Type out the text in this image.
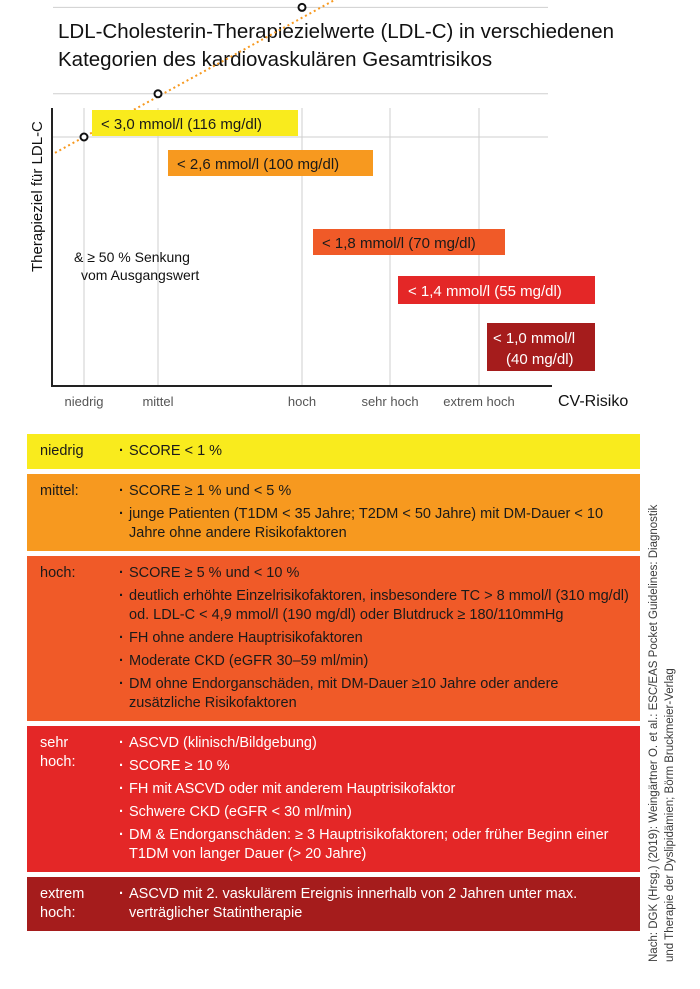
LDL-Cholesterin-Therapiezielwerte (LDL-C) in verschiedenen Kategorien des kardiovaskulären Gesamtrisikos
Therapieziel für LDL-C
CV-Risiko
niedrig	mittel	hoch	sehr hoch extrem hoch
& ≥ 50 % Senkung
vom Ausgangswert
< 3,0 mmol/l (116 mg/dl)
< 2,6 mmol/l (100 mg/dl)
< 1,8 mmol/l (70 mg/dl)
< 1,4 mmol/l (55 mg/dl)
< 1,0 mmol/l
(40 mg/dl)
niedrig	· SCORE < 1 %
mittel:	· SCORE ≥ 1 % und < 5 %
· junge Patienten (T1DM < 35 Jahre; T2DM < 50 Jahre) mit DM-Dauer < 10 Jahre ohne andere Risikofaktoren
hoch:	· SCORE ≥ 5 % und < 10 %
· deutlich erhöhte Einzelrisikofaktoren, insbesondere TC > 8 mmol/l (310 mg/dl) od. LDL-C < 4,9 mmol/l (190 mg/dl) oder Blutdruck ≥ 180/110mmHg
· FH ohne andere Hauptrisikofaktoren
· Moderate CKD (eGFR 30–59 ml/min)
· DM ohne Endorganschäden, mit DM-Dauer ≥10 Jahre oder andere zusätzliche Risikofaktoren
sehr
hoch:
· ASCVD (klinisch/Bildgebung)
· SCORE ≥ 10 %
· FH mit ASCVD oder mit anderem Hauptrisikofaktor
· Schwere CKD (eGFR < 30 ml/min)
· DM & Endorganschäden: ≥ 3 Hauptrisikofaktoren; oder früher Beginn einer T1DM von langer Dauer (> 20 Jahre)
extrem
hoch:
· ASCVD mit 2. vaskulärem Ereignis innerhalb von 2 Jahren unter max. verträglicher Statintherapie
Nach: DGK (Hrsg.) (2019): Weingärtner O. et al.: ESC/EAS Pocket Guidelines: Diagnostik
und Therapie der Dyslipidämien; Börm Bruckmeier-Verlag
